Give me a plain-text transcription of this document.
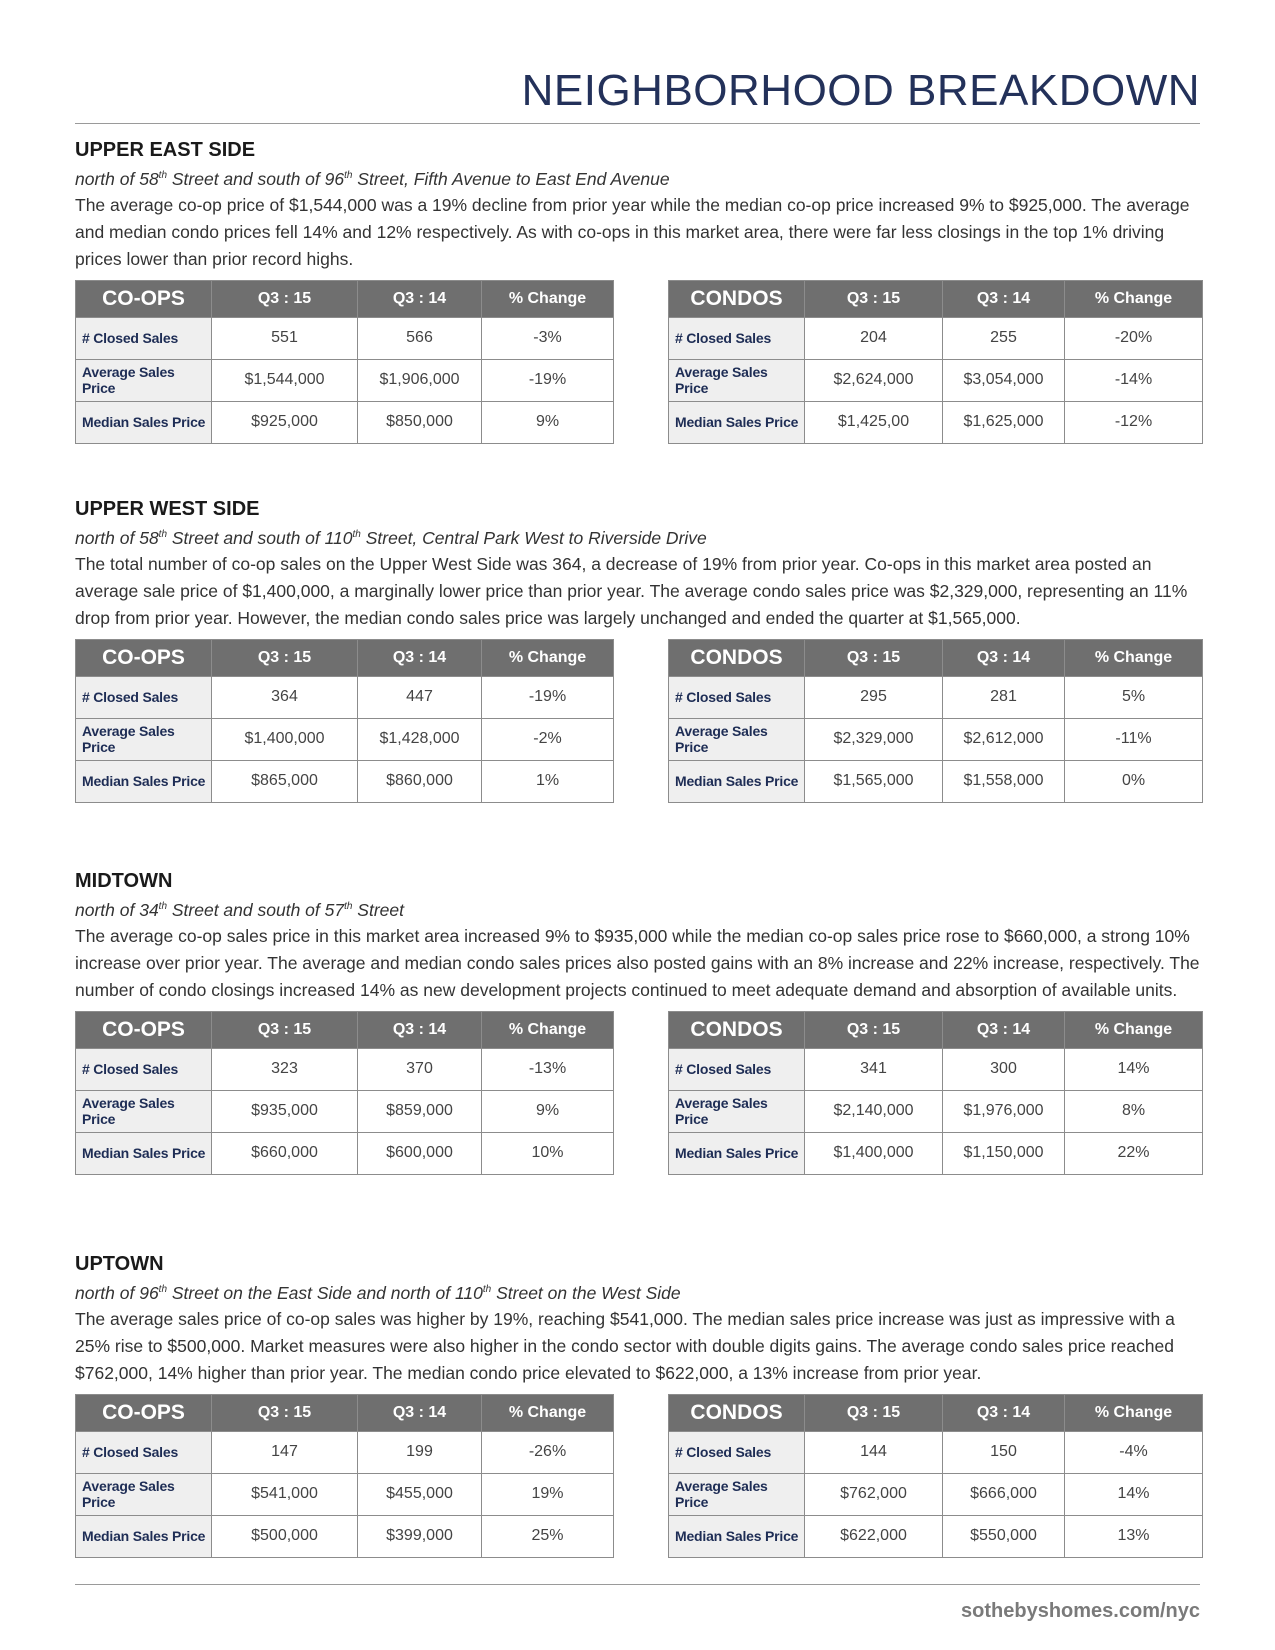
NEIGHBORHOOD BREAKDOWN
UPPER EAST SIDE
north of 58th Street and south of 96th Street, Fifth Avenue to East End Avenue

The average co-op price of $1,544,000 was a 19% decline from prior year while the median co-op price increased 9% to $925,000. The average and median condo prices fell 14% and 12% respectively. As with co-ops in this market area, there were far less closings in the top 1% driving prices lower than prior record highs.

CO-OPS	Q3 : 15	Q3 : 14	% Change
# Closed Sales	551	566	-3%
Average Sales Price	$1,544,000	$1,906,000	-19%
Median Sales Price	$925,000	$850,000	9%
CONDOS	Q3 : 15	Q3 : 14	% Change
# Closed Sales	204	255	-20%
Average Sales Price	$2,624,000	$3,054,000	-14%
Median Sales Price	$1,425,00	$1,625,000	-12%
UPPER WEST SIDE
north of 58th Street and south of 110th Street, Central Park West to Riverside Drive

The total number of co-op sales on the Upper West Side was 364, a decrease of 19% from prior year. Co-ops in this market area posted an average sale price of $1,400,000, a marginally lower price than prior year. The average condo sales price was $2,329,000, representing an 11% drop from prior year. However, the median condo sales price was largely unchanged and ended the quarter at $1,565,000.

CO-OPS	Q3 : 15	Q3 : 14	% Change
# Closed Sales	364	447	-19%
Average Sales Price	$1,400,000	$1,428,000	-2%
Median Sales Price	$865,000	$860,000	1%
CONDOS	Q3 : 15	Q3 : 14	% Change
# Closed Sales	295	281	5%
Average Sales Price	$2,329,000	$2,612,000	-11%
Median Sales Price	$1,565,000	$1,558,000	0%
MIDTOWN
north of 34th Street and south of 57th Street

The average co-op sales price in this market area increased 9% to $935,000 while the median co-op sales price rose to $660,000, a strong 10% increase over prior year. The average and median condo sales prices also posted gains with an 8% increase and 22% increase, respectively. The number of condo closings increased 14% as new development projects continued to meet adequate demand and absorption of available units.

CO-OPS	Q3 : 15	Q3 : 14	% Change
# Closed Sales	323	370	-13%
Average Sales Price	$935,000	$859,000	9%
Median Sales Price	$660,000	$600,000	10%
CONDOS	Q3 : 15	Q3 : 14	% Change
# Closed Sales	341	300	14%
Average Sales Price	$2,140,000	$1,976,000	8%
Median Sales Price	$1,400,000	$1,150,000	22%
UPTOWN
north of 96th Street on the East Side and north of 110th Street on the West Side

The average sales price of co-op sales was higher by 19%, reaching $541,000. The median sales price increase was just as impressive with a 25% rise to $500,000. Market measures were also higher in the condo sector with double digits gains. The average condo sales price reached $762,000, 14% higher than prior year. The median condo price elevated to $622,000, a 13% increase from prior year.

CO-OPS	Q3 : 15	Q3 : 14	% Change
# Closed Sales	147	199	-26%
Average Sales Price	$541,000	$455,000	19%
Median Sales Price	$500,000	$399,000	25%
CONDOS	Q3 : 15	Q3 : 14	% Change
# Closed Sales	144	150	-4%
Average Sales Price	$762,000	$666,000	14%
Median Sales Price	$622,000	$550,000	13%
sothebyshomes.com/nyc
